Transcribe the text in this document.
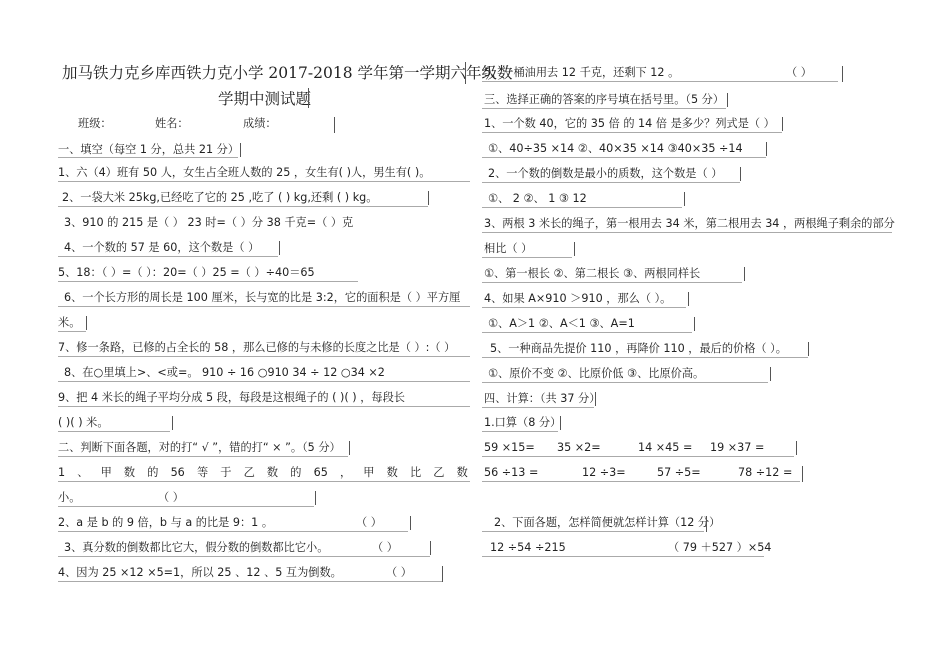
加马铁力克乡库西铁力克小学 2017-2018 学年第一学期六年级数
学期中测试题
班级：	姓名：	成绩：
一、填空（每空 1 分，总共 21 分）
1、六（4）班有 50 人，女生占全班人数的 25 ，女生有( )人，男生有( )。
2、一袋大米 25kg,已经吃了它的 25 ,吃了 ( ) kg,还剩 ( ) kg。
3、910 的 215 是（ ） 23 时=（ ）分 38 千克=（ ）克
4、一个数的 57 是 60，这个数是（ ）
5、18：（ ）=（ ）：20=（ ）25 =（ ）÷40＝65
6、一个长方形的周长是 100 厘米，长与宽的比是 3:2，它的面积是（ ）平方厘
米。
7、修一条路，已修的占全长的 58 ，那么已修的与未修的长度之比是（ ）:（ ）
8、在○里填上>、<或=。 910 ÷ 16 ○910 34 ÷ 12 ○34 ×2
9、把 4 米长的绳子平均分成 5 段，每段是这根绳子的 ( )( ) ，每段长
( )( ) 米。
二、判断下面各题，对的打“ √ ”，错的打“ × ”。（5 分）
1 、 甲 数 的 56 等 于 乙 数 的 65 ， 甲 数 比 乙 数
小。	（ ）
2、a 是 b 的 9 倍，b 与 a 的比是 9：1 。	（ ）
3、真分数的倒数都比它大，假分数的倒数都比它小。	（ ）
4、因为 25 ×12 ×5=1，所以 25 、12 、5 互为倒数。	（ ）
5、一桶油用去 12 千克，还剩下 12 。	（ ）
三、选择正确的答案的序号填在括号里。（5 分）
1、一个数 40，它的 35 倍 的 14 倍 是多少？列式是（ ）
①、40÷35 ×14 ②、40×35 ×14 ③40×35 ÷14
2、一个数的倒数是最小的质数，这个数是（ ）
①、 2 ②、 1 ③ 12
3、两根 3 米长的绳子，第一根用去 34 米，第二根用去 34 ，两根绳子剩余的部分
相比（ ）
①、第一根长 ②、第二根长 ③、两根同样长
4、如果 A×910 ＞910 ，那么（ ）。
①、A＞1 ②、A＜1 ③、A=1
5、一种商品先提价 110 ，再降价 110 ，最后的价格（ ）。
①、原价不变 ②、比原价低 ③、比原价高。
四、计算：（共 37 分）
1.口算（8 分）
59 ×15= 35 ×2=	14 ×45 = 19 ×37 =
56 ÷13 =	12 ÷3=	57 ÷5=	78 ÷12 =
2、下面各题，怎样简便就怎样计算（12 分）
12 ÷54 ÷215	（ 79 ＋527 ）×54
